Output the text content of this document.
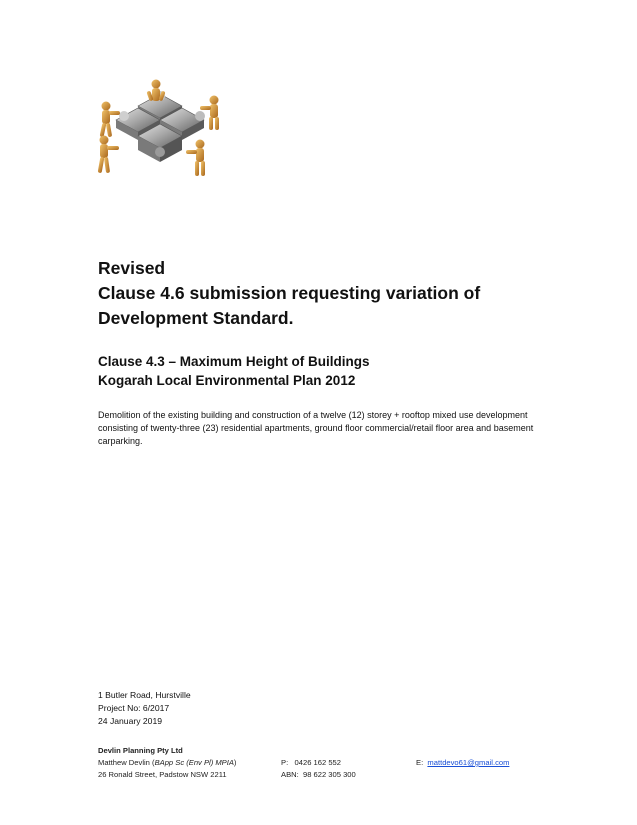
Revised
Clause 4.6 submission requesting variation of
Development Standard.
Clause 4.3 – Maximum Height of Buildings
Kogarah Local Environmental Plan 2012

Demolition of the existing building and construction of a twelve (12) storey + rooftop mixed use development consisting of twenty-three (23) residential apartments, ground floor commercial/retail floor area and basement carparking.

1 Butler Road, Hurstville
Project No: 6/2017
24 January 2019
Devlin Planning Pty Ltd
Matthew Devlin (BApp Sc (Env Pl) MPIA)	P: 0426 162 552	E: mattdevo61@gmail.com
26 Ronald Street, Padstow NSW 2211	ABN: 98 622 305 300
